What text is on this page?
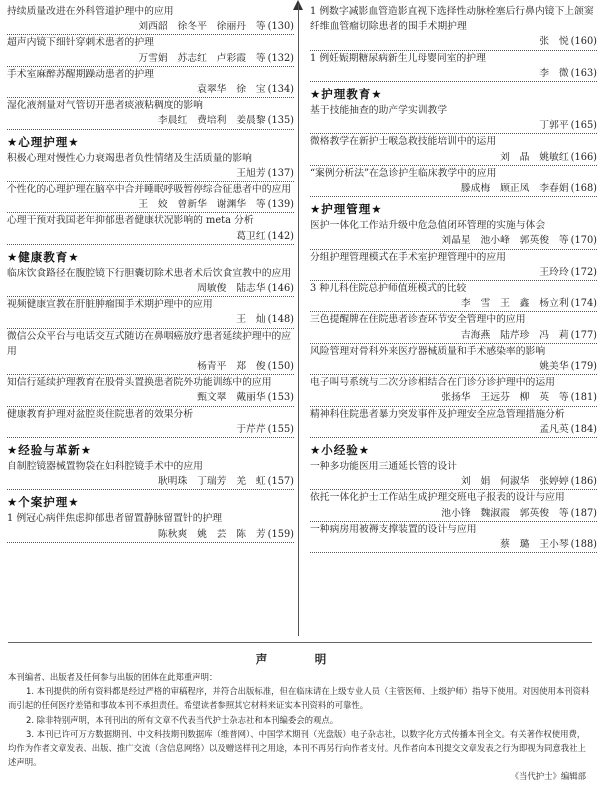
持续质量改进在外科管道护理中的应用
刘西韶　徐冬平　徐丽丹　等 (130)
超声内镜下细针穿刺术患者的护理
万雪娟　苏志红　卢彩霞　等 (132)
手术室麻醉苏醒期躁动患者的护理
袁翠华　徐　宝 (134)
湿化液剂量对气管切开患者痰液粘稠度的影响
李晨红　费培利　姜晨黎 (135)
★心理护理★
积极心理对慢性心力衰竭患者负性情绪及生活质量的影响
王旭芳 (137)
个性化的心理护理在脑卒中合并睡眠呼吸暂停综合征患者中的应用
王　姣　曾新华　谢渊华　等 (139)
心理干预对我国老年抑郁患者健康状况影响的 meta 分析
葛卫红 (142)
★健康教育★
临床饮食路径在腹腔镜下行胆囊切除术患者术后饮食宣教中的应用
周敏俊　陆志华 (146)
视频健康宣教在肝脏肿瘤围手术期护理中的应用
王　灿 (148)
微信公众平台与电话交互式随访在鼻咽癌放疗患者延续护理中的应用
杨青平　郑　俊 (150)
知信行延续护理教育在股骨头置换患者院外功能训练中的应用
甄文翠　戴丽华 (153)
健康教育护理对盆腔炎住院患者的效果分析
于芹芹 (155)
★经验与革新★
自制腔镜器械置物袋在妇科腔镜手术中的应用
耿明珠　丁瑞芳　羌　虹 (157)
★个案护理★
1 例冠心病伴焦虑抑郁患者留置静脉留置针的护理
陈秋爽　姚　芸　陈　芳 (159)
1 例数字减影血管造影直视下选择性动脉栓塞后行鼻内镜下上颌窦纤维血管瘤切除患者的围手术期护理
张　悦 (160)
1 例妊娠期糖尿病新生儿母婴同室的护理
李　微 (163)
★护理教育★
基于技能抽查的助产学实训教学
丁郭平 (165)
微格教学在新护士喉急救技能培训中的运用
刘　晶　姚敏红 (166)
“案例分析法”在急诊护生临床教学中的应用
滕成梅　顾正凤　李春娟 (168)
★护理管理★
医护一体化工作站升级中危急值闭环管理的实施与体会
刘晶星　池小峰　郭英俊　等 (170)
分组护理管理模式在手术室护理管理中的应用
王玲玲 (172)
3 种儿科住院总护师值班模式的比较
李　雪　王　鑫　杨立利 (174)
三色提醒牌在住院患者诊查环节安全管理中的应用
吉海燕　陆芹珍　冯　莉 (177)
风险管理对骨科外来医疗器械质量和手术感染率的影响
姚美华 (179)
电子叫号系统与二次分诊相结合在门诊分诊护理中的运用
张扬华　王远芬　柳　英　等 (181)
精神科住院患者暴力突发事件及护理安全应急管理措施分析
孟凡英 (184)
★小经验★
一种多功能医用三通延长管的设计
刘　娟　何淑华　张婷婷 (186)
依托一体化护士工作站生成护理交班电子报表的设计与应用
池小锋　魏淑霞　郭英俊　等 (187)
一种病房用被褥支撑装置的设计与应用
蔡　璐　王小琴 (188)
声　明

本刊编者、出版者及任何参与出版的团体在此郑重声明：

1. 本刊提供的所有资料都是经过严格的审稿程序，并符合出版标准，但在临床请在上级专业人员（主管医师、上级护师）指导下使用。对因使用本刊资料而引起的任何医疗差错和事故本刊不承担责任。希望读者参照其它材料来证实本刊资料的可靠性。

2. 除非特别声明，本刊刊出的所有文章不代表当代护士杂志社和本刊编委会的观点。

3. 本刊已许可万方数据期刊、中文科技期刊数据库（维普网）、中国学术期刊（光盘版）电子杂志社，以数字化方式传播本刊全文。有关著作权使用费，均作为作者文章发表、出版、推广交流（含信息网络）以及赠送样刊之用途，本刊不再另行向作者支付。凡作者向本刊提交文章发表之行为即视为同意我社上述声明。

《当代护士》编辑部
